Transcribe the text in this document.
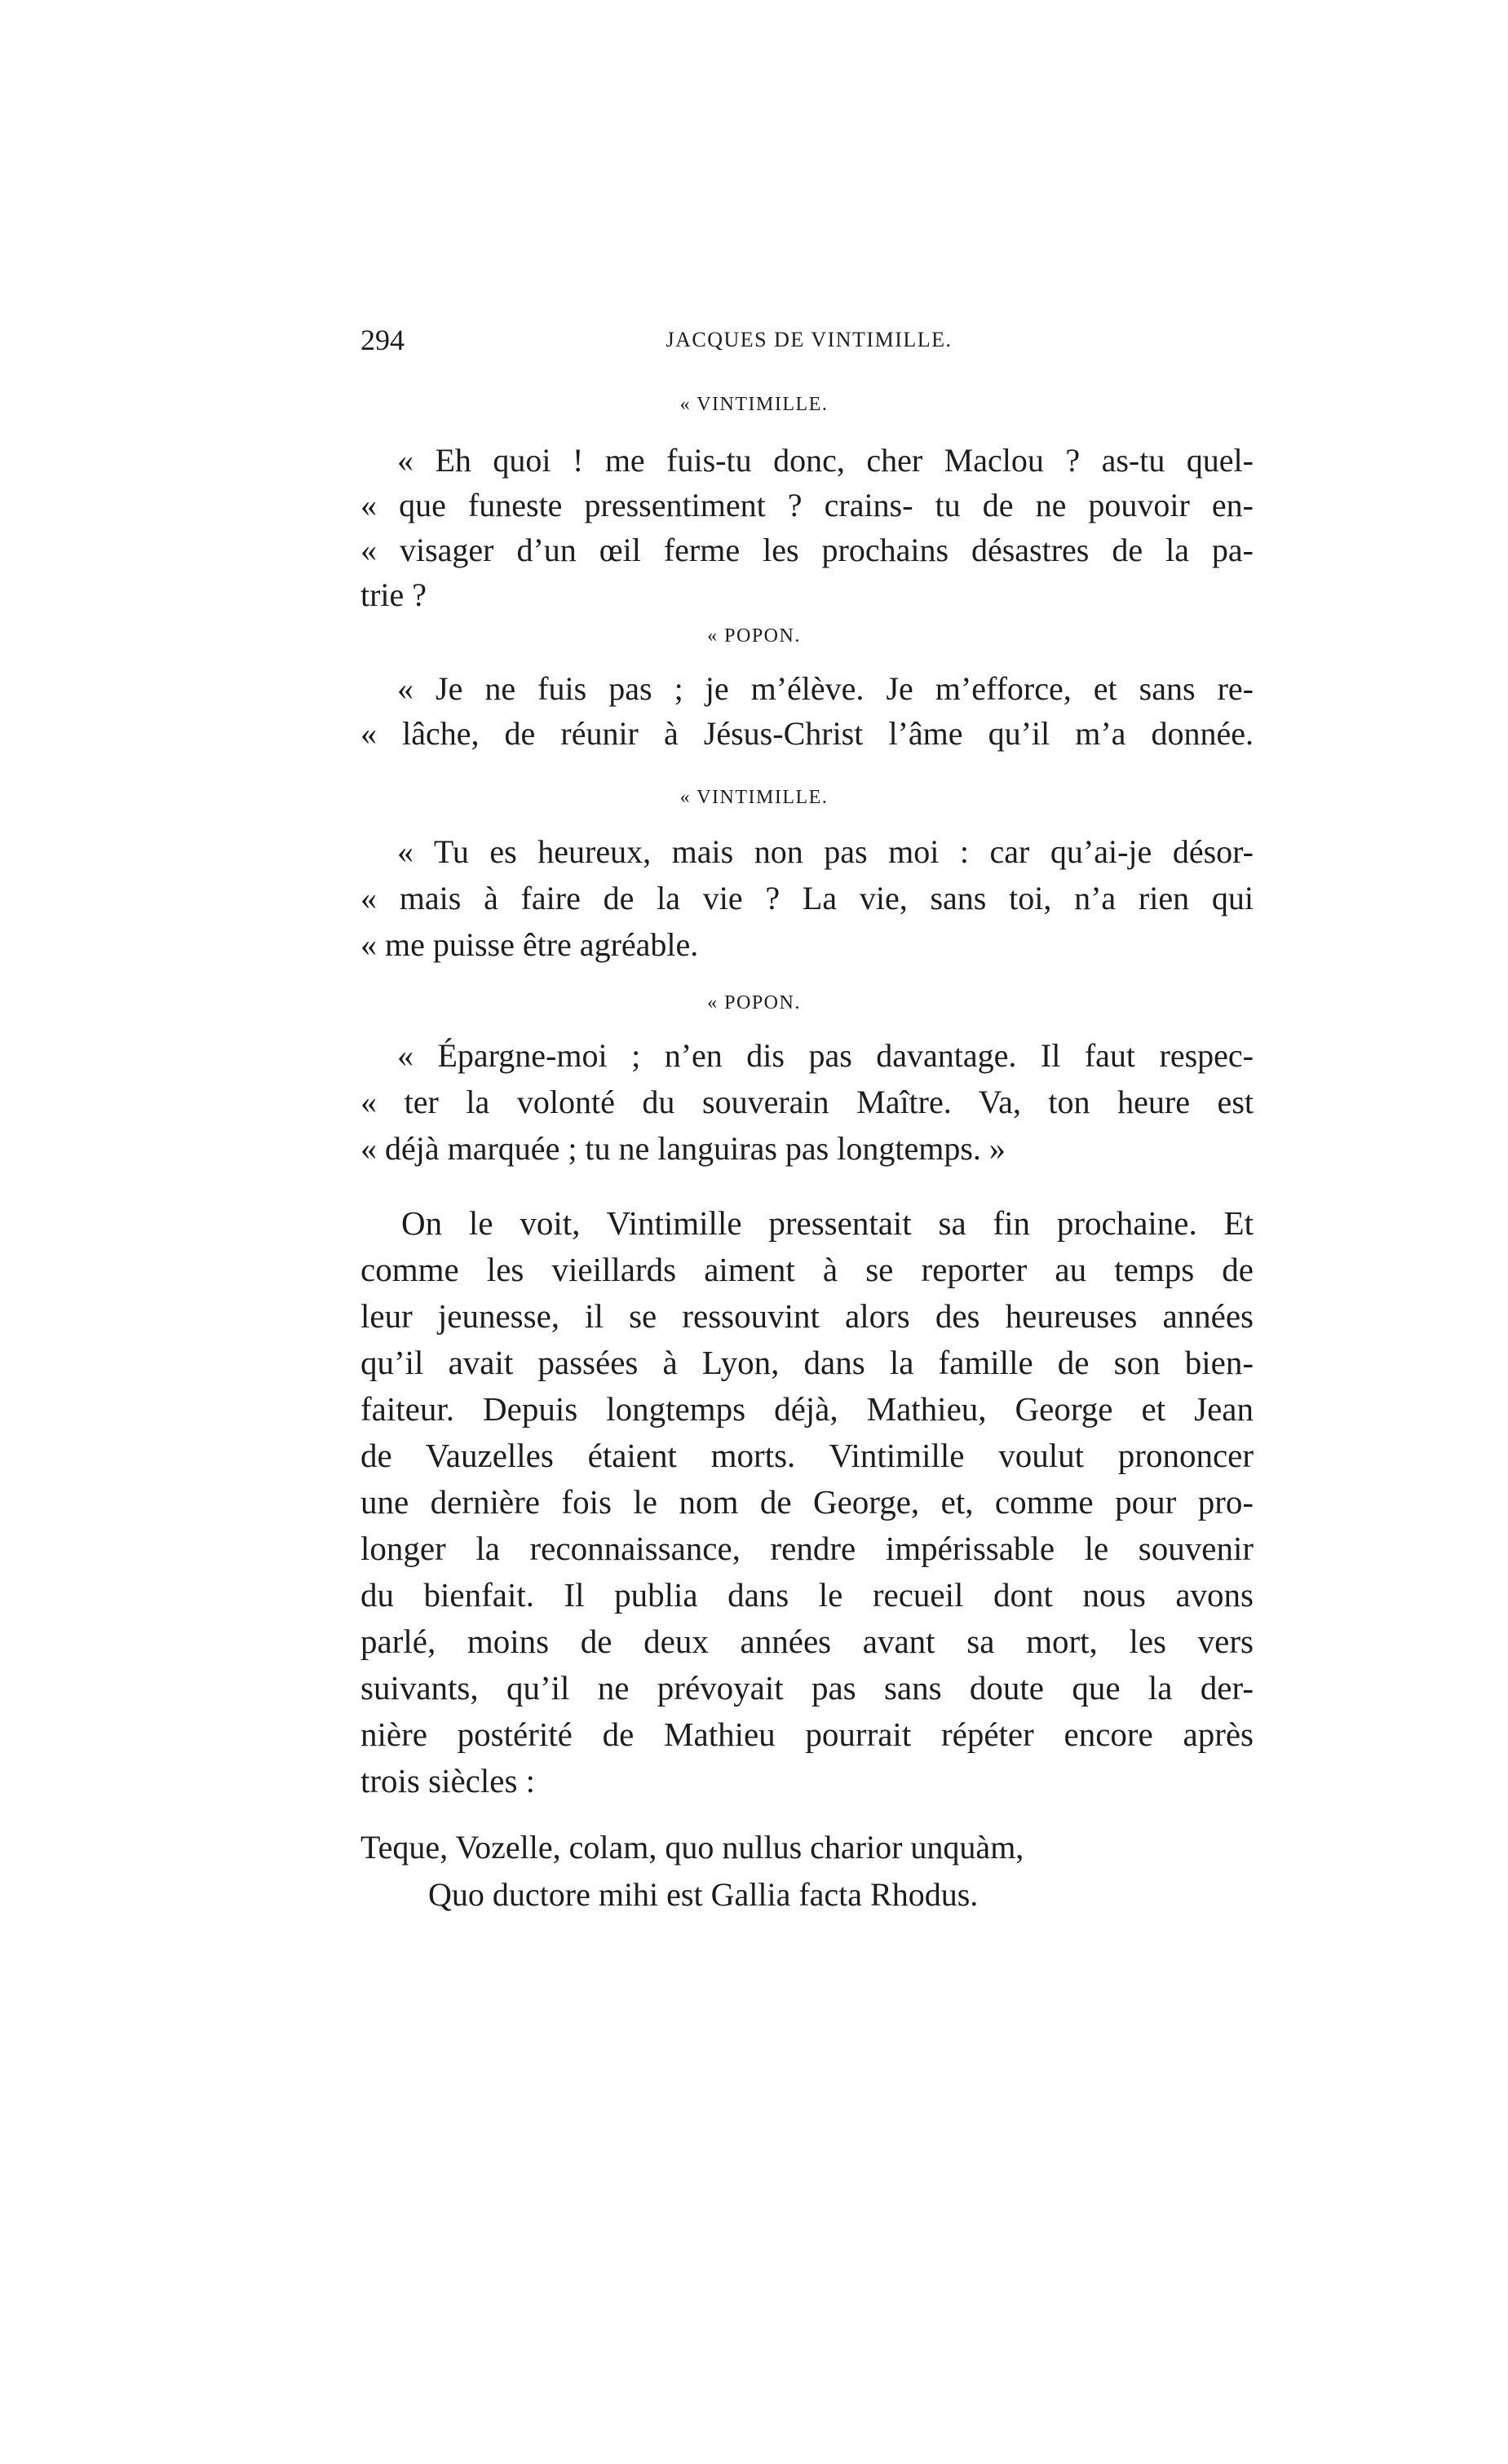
294	JACQUES DE VINTIMILLE.
« VINTIMILLE.
« Eh quoi ! me fuis-tu donc, cher Maclou ? as-tu quel-
« que funeste pressentiment ? crains- tu de ne pouvoir en-
« visager d’un œil ferme les prochains désastres de la pa-
trie ?
« POPON.
« Je ne fuis pas ; je m’élève. Je m’efforce, et sans re-
« lâche, de réunir à Jésus-Christ l’âme qu’il m’a donnée.
« VINTIMILLE.
« Tu es heureux, mais non pas moi : car qu’ai-je désor-
« mais à faire de la vie ? La vie, sans toi, n’a rien qui
« me puisse être agréable.
« POPON.
« Épargne-moi ; n’en dis pas davantage. Il faut respec-
« ter la volonté du souverain Maître. Va, ton heure est
« déjà marquée ; tu ne languiras pas longtemps. »
On le voit, Vintimille pressentait sa fin prochaine. Et
comme les vieillards aiment à se reporter au temps de
leur jeunesse, il se ressouvint alors des heureuses années
qu’il avait passées à Lyon, dans la famille de son bien-
faiteur. Depuis longtemps déjà, Mathieu, George et Jean
de Vauzelles étaient morts. Vintimille voulut prononcer
une dernière fois le nom de George, et, comme pour pro-
longer la reconnaissance, rendre impérissable le souvenir
du bienfait. Il publia dans le recueil dont nous avons
parlé, moins de deux années avant sa mort, les vers
suivants, qu’il ne prévoyait pas sans doute que la der-
nière postérité de Mathieu pourrait répéter encore après
trois siècles :
Teque, Vozelle, colam, quo nullus charior unquàm,
Quo ductore mihi est Gallia facta Rhodus.
